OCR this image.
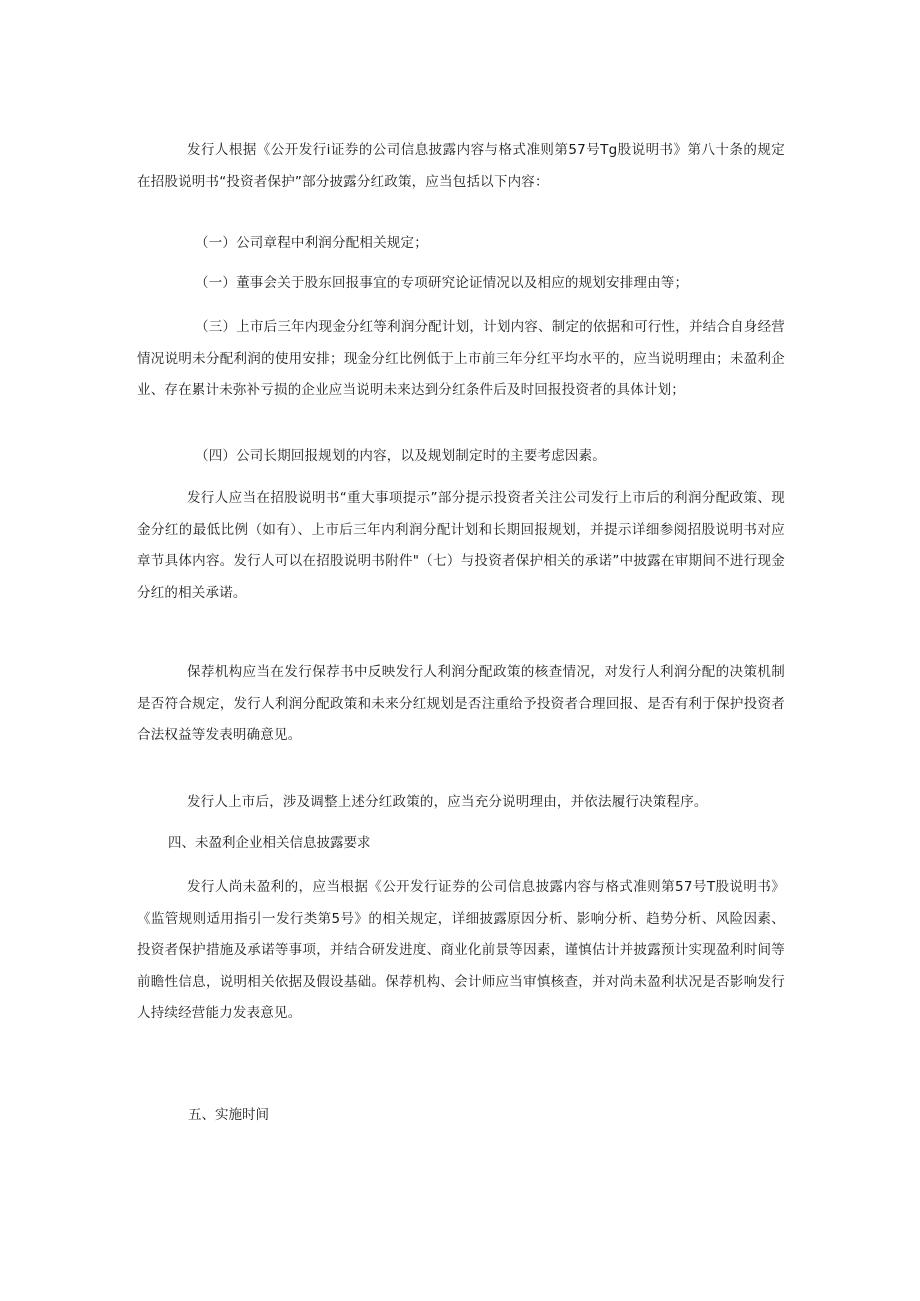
发行人根据《公开发行i证券的公司信息披露内容与格式准则第57号Tg股说明书》第八十条的规定在招股说明书“投资者保护”部分披露分红政策，应当包括以下内容：

（一）公司章程中利润分配相关规定；

（一）董事会关于股东回报事宜的专项研究论证情况以及相应的规划安排理由等；

（三）上市后三年内现金分红等利润分配计划，计划内容、制定的依据和可行性，并结合自身经营情况说明未分配利润的使用安排；现金分红比例低于上市前三年分红平均水平的，应当说明理由；未盈利企业、存在累计未弥补亏损的企业应当说明未来达到分红条件后及时回报投资者的具体计划；

（四）公司长期回报规划的内容，以及规划制定时的主要考虑因素。

发行人应当在招股说明书“重大事项提示”部分提示投资者关注公司发行上市后的利润分配政策、现金分红的最低比例（如有）、上市后三年内利润分配计划和长期回报规划，并提示详细参阅招股说明书对应章节具体内容。发行人可以在招股说明书附件"（七）与投资者保护相关的承诺”中披露在审期间不进行现金分红的相关承诺。

保荐机构应当在发行保荐书中反映发行人利润分配政策的核查情况，对发行人利润分配的决策机制是否符合规定，发行人利润分配政策和未来分红规划是否注重给予投资者合理回报、是否有利于保护投资者合法权益等发表明确意见。

发行人上市后，涉及调整上述分红政策的，应当充分说明理由，并依法履行决策程序。

四、未盈利企业相关信息披露要求

发行人尚未盈利的，应当根据《公开发行证券的公司信息披露内容与格式准则第57号T股说明书》《监管规则适用指引一发行类第5号》的相关规定，详细披露原因分析、影响分析、趋势分析、风险因素、投资者保护措施及承诺等事项，并结合研发进度、商业化前景等因素，谨慎估计并披露预计实现盈利时间等前瞻性信息，说明相关依据及假设基础。保荐机构、会计师应当审慎核查，并对尚未盈利状况是否影响发行人持续经营能力发表意见。

五、实施时间
